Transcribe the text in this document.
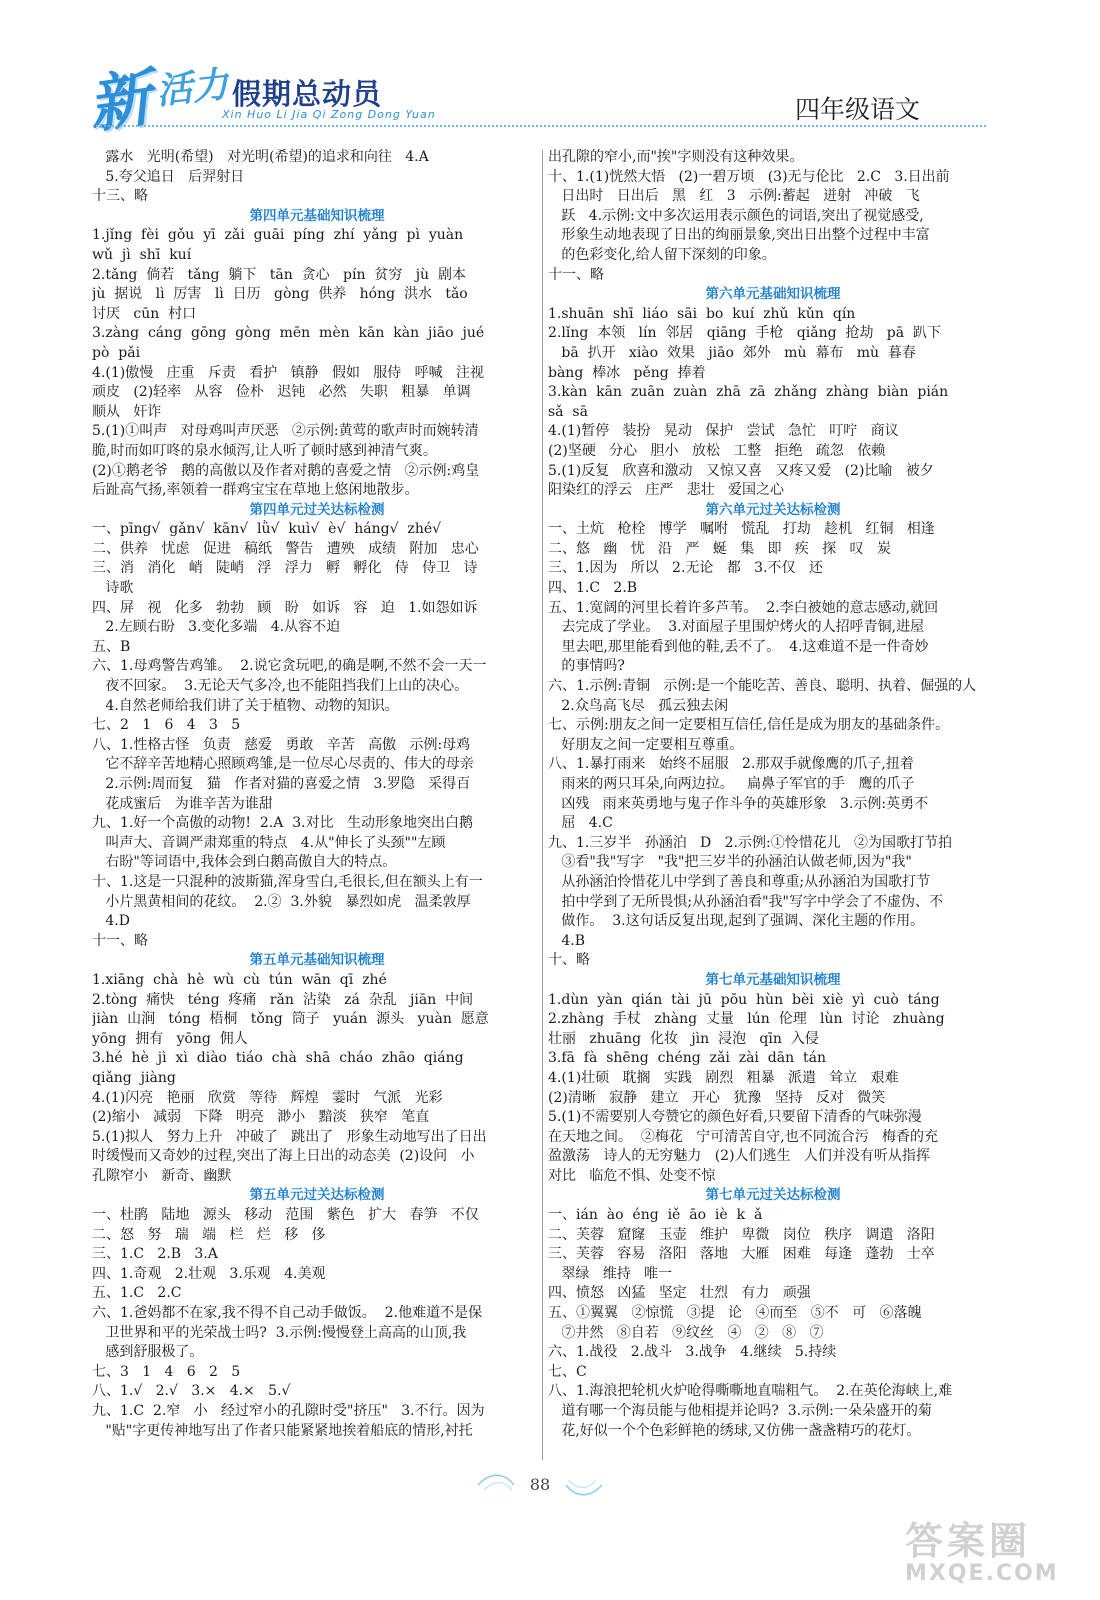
新
活力 假期总动员
Xin Huo Li Jia Qi Zong Dong Yuan	四年级语文

露水   光明(希望)   对光明(希望)的追求和向往   4.A

5.夸父追日   后羿射日

十三、略

第四单元基础知识梳理

1.jǐng  fèi  gǒu  yī  zǎi  guāi  píng  zhí  yǎng  pì  yuàn

wǔ  jì  shī  kuí

2.tǎng  倘若   tǎng  躺下   tān  贪心   pín  贫穷   jù  剧本

jù  据说   lì  厉害   lì  日历   gòng  供养   hóng  洪水   tǎo

讨厌   cūn  村口

3.zàng  cáng  gōng  gòng  mēn  mèn  kān  kàn  jiāo  jué

pò  pǎi

4.(1)傲慢   庄重   斥责   看护   镇静   假如   服侍   呼喊   注视

顽皮   (2)轻率   从容   俭朴   迟钝   必然   失职   粗暴   单调

顺从   奸诈

5.(1)①叫声   对母鸡叫声厌恶   ②示例:黄莺的歌声时而婉转清

脆,时而如叮咚的泉水倾泻,让人听了顿时感到神清气爽。

(2)①鹅老爷   鹅的高傲以及作者对鹅的喜爱之情   ②示例:鸡皇

后趾高气扬,率领着一群鸡宝宝在草地上悠闲地散步。

第四单元过关达标检测

一、pīng√  gǎn√  kān√  lǜ√  kuì√  è√  háng√  zhé√

二、供养   忧虑   促进   稿纸   警告   遭殃   成绩   附加   忠心

三、消   消化   峭   陡峭   浮   浮力   孵   孵化   侍   侍卫   诗

诗歌

四、屏   视   化多   勃勃   顾   盼   如诉   容   迫   1.如怨如诉

2.左顾右盼   3.变化多端   4.从容不迫

五、B

六、1.母鸡警告鸡雏。  2.说它贪玩吧,的确是啊,不然不会一天一

夜不回家。  3.无论天气多冷,也不能阻挡我们上山的决心。

4.自然老师给我们讲了关于植物、动物的知识。

七、2   1   6   4   3   5

八、1.性格古怪   负责   慈爱   勇敢   辛苦   高傲   示例:母鸡

它不辞辛苦地精心照顾鸡雏,是一位尽心尽责的、伟大的母亲

2.示例:周而复   猫   作者对猫的喜爱之情   3.罗隐   采得百

花成蜜后   为谁辛苦为谁甜

九、1.好一个高傲的动物!  2.A  3.对比   生动形象地突出白鹅

叫声大、音调严肃郑重的特点   4.从"伸长了头颈""左顾

右盼"等词语中,我体会到白鹅高傲自大的特点。

十、1.这是一只混种的波斯猫,浑身雪白,毛很长,但在额头上有一

小片黑黄相间的花纹。  2.②  3.外貌   暴烈如虎   温柔敦厚

4.D

十一、略

第五单元基础知识梳理

1.xiāng  chà  hè  wù  cù  tún  wān  qī  zhé

2.tòng  痛快   téng  疼痛   rǎn  沾染   zá  杂乱   jiān  中间

jiàn  山涧   tóng  梧桐   tǒng  筒子   yuán  源头   yuàn  愿意

yōng  拥有   yōng  佣人

3.hé  hè  jì  xì  diào  tiáo  chà  shā  cháo  zhāo  qiáng

qiǎng  jiàng

4.(1)闪亮   艳丽   欣赏   等待   辉煌   霎时   气派   光彩

(2)缩小   减弱   下降   明亮   渺小   黯淡   狭窄   笔直

5.(1)拟人   努力上升   冲破了   跳出了   形象生动地写出了日出

时缓慢而又奇妙的过程,突出了海上日出的动态美  (2)设问   小

孔隙窄小   新奇、幽默

第五单元过关达标检测

一、杜鹃   陆地   源头   移动   范围   紫色   扩大   春笋   不仅

二、怒   努   瑞   端   栏   烂   移   侈

三、1.C   2.B   3.A

四、1.奇观   2.壮观   3.乐观   4.美观

五、1.C   2.C

六、1.爸妈都不在家,我不得不自己动手做饭。  2.他难道不是保

卫世界和平的光荣战士吗?  3.示例:慢慢登上高高的山顶,我

感到舒服极了。

七、3   1   4   6   2   5

八、1.√   2.√   3.×   4.×   5.√

九、1.C  2.窄   小   经过窄小的孔隙时受"挤压"   3.不行。因为

"贴"字更传神地写出了作者只能紧紧地挨着船底的情形,衬托

出孔隙的窄小,而"挨"字则没有这种效果。

十、1.(1)恍然大悟   (2)一碧万顷   (3)无与伦比   2.C   3.日出前

日出时   日出后   黑   红   3   示例:蓄起   迸射   冲破   飞

跃   4.示例:文中多次运用表示颜色的词语,突出了视觉感受,

形象生动地表现了日出的绚丽景象,突出日出整个过程中丰富

的色彩变化,给人留下深刻的印象。

十一、略

第六单元基础知识梳理

1.shuān  shī  liáo  sāi  bo  kuí  zhǔ  kǔn  qín

2.lǐng  本领   lín  邻居   qiāng  手枪   qiǎng  抢劫   pā  趴下

bā  扒开   xiào  效果   jiāo  郊外   mù  幕布   mù  暮春

bàng  棒冰   pěng  捧着

3.kàn  kān  zuān  zuàn  zhā  zā  zhǎng  zhàng  biàn  pián

sǎ  sā

4.(1)暂停   装扮   晃动   保护   尝试   急忙   叮咛   商议

(2)坚硬   分心   胆小   放松   工整   拒绝   疏忽   依赖

5.(1)反复   欣喜和激动   又惊又喜   又疼又爱   (2)比喻   被夕

阳染红的浮云   庄严   悲壮   爱国之心

第六单元过关达标检测

一、土炕   枪栓   博学   嘱咐   慌乱   打劫   趁机   红铜   相逢

二、悠   幽   忧   沿   严   蜒   集   即   疾   探   叹   炭

三、1.因为   所以   2.无论   都   3.不仅   还

四、1.C   2.B

五、1.宽阔的河里长着许多芦苇。  2.李白被她的意志感动,就回

去完成了学业。  3.对面屋子里围炉烤火的人招呼青铜,进屋

里去吧,那里能看到他的鞋,丢不了。  4.这难道不是一件奇妙

的事情吗?

六、1.示例:青铜   示例:是一个能吃苦、善良、聪明、执着、倔强的人

2.众鸟高飞尽   孤云独去闲

七、示例:朋友之间一定要相互信任,信任是成为朋友的基础条件。

好朋友之间一定要相互尊重。

八、1.暴打雨来   始终不屈服   2.那双手就像鹰的爪子,扭着

雨来的两只耳朵,向两边拉。   扁鼻子军官的手   鹰的爪子

凶残   雨来英勇地与鬼子作斗争的英雄形象   3.示例:英勇不

屈   4.C

九、1.三岁半   孙涵泊   D   2.示例:①怜惜花儿   ②为国歌打节拍

③看"我"写字   "我"把三岁半的孙涵泊认做老师,因为"我"

从孙涵泊怜惜花儿中学到了善良和尊重;从孙涵泊为国歌打节

拍中学到了无所畏惧;从孙涵泊看"我"写字中学会了不虚伪、不

做作。  3.这句话反复出现,起到了强调、深化主题的作用。

4.B

十、略

第七单元基础知识梳理

1.dùn  yàn  qián  tài  jū  pōu  hùn  bèi  xiè  yì  cuò  táng

2.zhàng  手杖   zhàng  丈量   lún  伦理   lùn  讨论   zhuàng

壮丽   zhuāng  化妆   jìn  浸泡   qīn  入侵

3.fā  fà  shēng  chéng  zǎi  zài  dān  tán

4.(1)壮硕   耽搁   实践   剧烈   粗暴   派遣   耸立   艰难

(2)清晰   寂静   建立   开心   犹豫   坚持   反对   微笑

5.(1)不需要别人夸赞它的颜色好看,只要留下清香的气味弥漫

在天地之间。  ②梅花   宁可清苦自守,也不同流合污   梅香的充

盈激荡   诗人的无穷魅力   (2)人们逃生   人们并没有听从指挥

对比   临危不惧、处变不惊

第七单元过关达标检测

一、ián  ào  éng  iě  āo  iè  k  ǎ

二、芙蓉   窟窿   玉壶   维护   卑微   岗位   秩序   调遣   洛阳

三、芙蓉   容易   洛阳   落地   大雁   困难   每逢   蓬勃   士卒

翠绿   维持   唯一

四、愤怒   凶猛   坚定   壮烈   有力   顽强

五、①翼翼   ②惊慌   ③提   论   ④而至   ⑤不   可   ⑥落魄

⑦井然   ⑧自若   ⑨纹丝   ④   ②   ⑧   ⑦

六、1.战役   2.战斗   3.战争   4.继续   5.持续

七、C

八、1.海浪把轮机火炉呛得嘶嘶地直喘粗气。  2.在英伦海峡上,难

道有哪一个海员能与他相提并论吗?  3.示例:一朵朵盛开的菊

花,好似一个个色彩鲜艳的绣球,又仿佛一盏盏精巧的花灯。

88
答案圈
MXQE.COM
